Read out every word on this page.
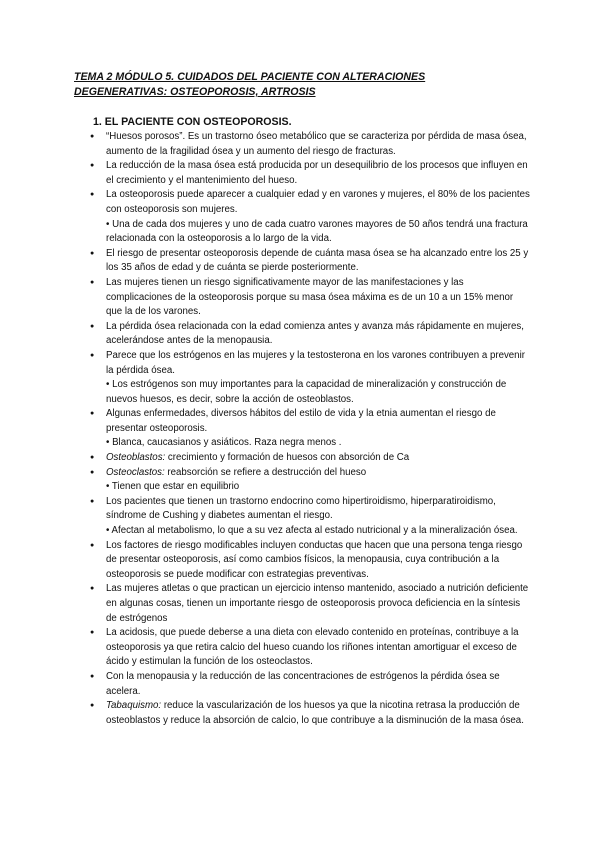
TEMA 2 MÓDULO 5. CUIDADOS DEL PACIENTE CON ALTERACIONES
DEGENERATIVAS: OSTEOPOROSIS, ARTROSIS
1. EL PACIENTE CON OSTEOPOROSIS.
● “Huesos porosos”. Es un trastorno óseo metabólico que se caracteriza por pérdida de masa ósea, aumento de la fragilidad ósea y un aumento del riesgo de fracturas.
● La reducción de la masa ósea está producida por un desequilibrio de los procesos que influyen en el crecimiento y el mantenimiento del hueso.
● La osteoporosis puede aparecer a cualquier edad y en varones y mujeres, el 80% de los pacientes con osteoporosis son mujeres.
• Una de cada dos mujeres y uno de cada cuatro varones mayores de 50 años tendrá una fractura relacionada con la osteoporosis a lo largo de la vida.
● El riesgo de presentar osteoporosis depende de cuánta masa ósea se ha alcanzado entre los 25 y los 35 años de edad y de cuánta se pierde posteriormente.
● Las mujeres tienen un riesgo significativamente mayor de las manifestaciones y las complicaciones de la osteoporosis porque su masa ósea máxima es de un 10 a un 15% menor que la de los varones.
● La pérdida ósea relacionada con la edad comienza antes y avanza más rápidamente en mujeres, acelerándose antes de la menopausia.
● Parece que los estrógenos en las mujeres y la testosterona en los varones contribuyen a prevenir la pérdida ósea.
• Los estrógenos son muy importantes para la capacidad de mineralización y construcción de nuevos huesos, es decir, sobre la acción de osteoblastos.
● Algunas enfermedades, diversos hábitos del estilo de vida y la etnia aumentan el riesgo de presentar osteoporosis.
• Blanca, caucasianos y asiáticos. Raza negra menos .
● Osteoblastos: crecimiento y formación de huesos con absorción de Ca
● Osteoclastos: reabsorción se refiere a destrucción del hueso
• Tienen que estar en equilibrio
● Los pacientes que tienen un trastorno endocrino como hipertiroidismo, hiperparatiroidismo, síndrome de Cushing y diabetes aumentan el riesgo.
• Afectan al metabolismo, lo que a su vez afecta al estado nutricional y a la mineralización ósea.
● Los factores de riesgo modificables incluyen conductas que hacen que una persona tenga riesgo de presentar osteoporosis, así como cambios físicos, la menopausia, cuya contribución a la osteoporosis se puede modificar con estrategias preventivas.
● Las mujeres atletas o que practican un ejercicio intenso mantenido, asociado a nutrición deficiente en algunas cosas, tienen un importante riesgo de osteoporosis provoca deficiencia en la síntesis de estrógenos
● La acidosis, que puede deberse a una dieta con elevado contenido en proteínas, contribuye a la osteoporosis ya que retira calcio del hueso cuando los riñones intentan amortiguar el exceso de ácido y estimulan la función de los osteoclastos.
● Con la menopausia y la reducción de las concentraciones de estrógenos la pérdida ósea se acelera.
● Tabaquismo: reduce la vascularización de los huesos ya que la nicotina retrasa la producción de osteoblastos y reduce la absorción de calcio, lo que contribuye a la disminución de la masa ósea.
